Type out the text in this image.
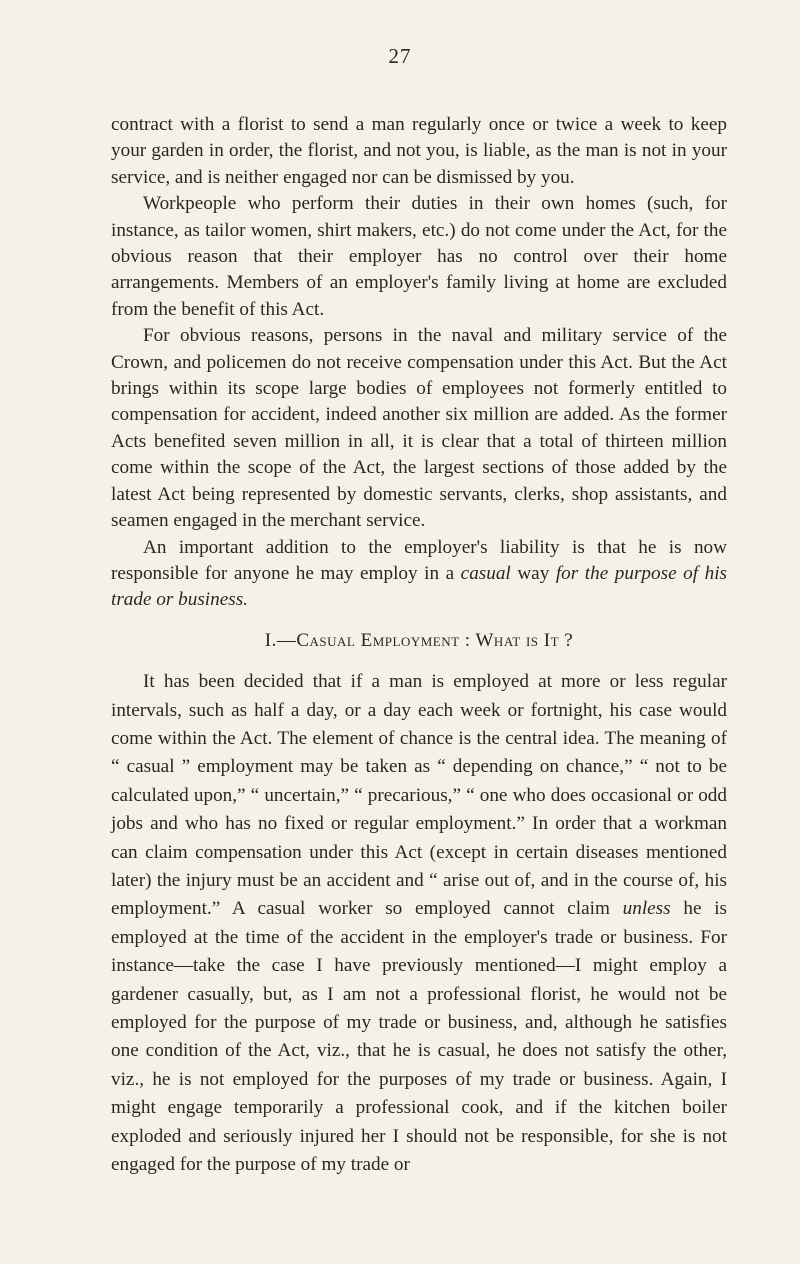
27

contract with a florist to send a man regularly once or twice a week to keep your garden in order, the florist, and not you, is liable, as the man is not in your service, and is neither engaged nor can be dismissed by you.

Workpeople who perform their duties in their own homes (such, for instance, as tailor women, shirt makers, etc.) do not come under the Act, for the obvious reason that their employer has no control over their home arrangements. Members of an employer's family living at home are excluded from the benefit of this Act.

For obvious reasons, persons in the naval and military service of the Crown, and policemen do not receive compensation under this Act. But the Act brings within its scope large bodies of employees not formerly entitled to compensation for accident, indeed another six million are added. As the former Acts benefited seven million in all, it is clear that a total of thirteen million come within the scope of the Act, the largest sections of those added by the latest Act being represented by domestic servants, clerks, shop assistants, and seamen engaged in the merchant service.

An important addition to the employer's liability is that he is now responsible for anyone he may employ in a casual way for the purpose of his trade or business.

I.—Casual Employment : What is It ?

It has been decided that if a man is employed at more or less regular intervals, such as half a day, or a day each week or fortnight, his case would come within the Act. The element of chance is the central idea. The meaning of “ casual ” employment may be taken as “ depending on chance,” “ not to be calculated upon,” “ uncertain,” “ precarious,” “ one who does occasional or odd jobs and who has no fixed or regular employment.” In order that a workman can claim compensation under this Act (except in certain diseases mentioned later) the injury must be an accident and “ arise out of, and in the course of, his employment.” A casual worker so employed cannot claim unless he is employed at the time of the accident in the employer's trade or business. For instance—take the case I have previously mentioned—I might employ a gardener casually, but, as I am not a professional florist, he would not be employed for the purpose of my trade or business, and, although he satisfies one condition of the Act, viz., that he is casual, he does not satisfy the other, viz., he is not employed for the purposes of my trade or business. Again, I might engage temporarily a professional cook, and if the kitchen boiler exploded and seriously injured her I should not be responsible, for she is not engaged for the purpose of my trade or
